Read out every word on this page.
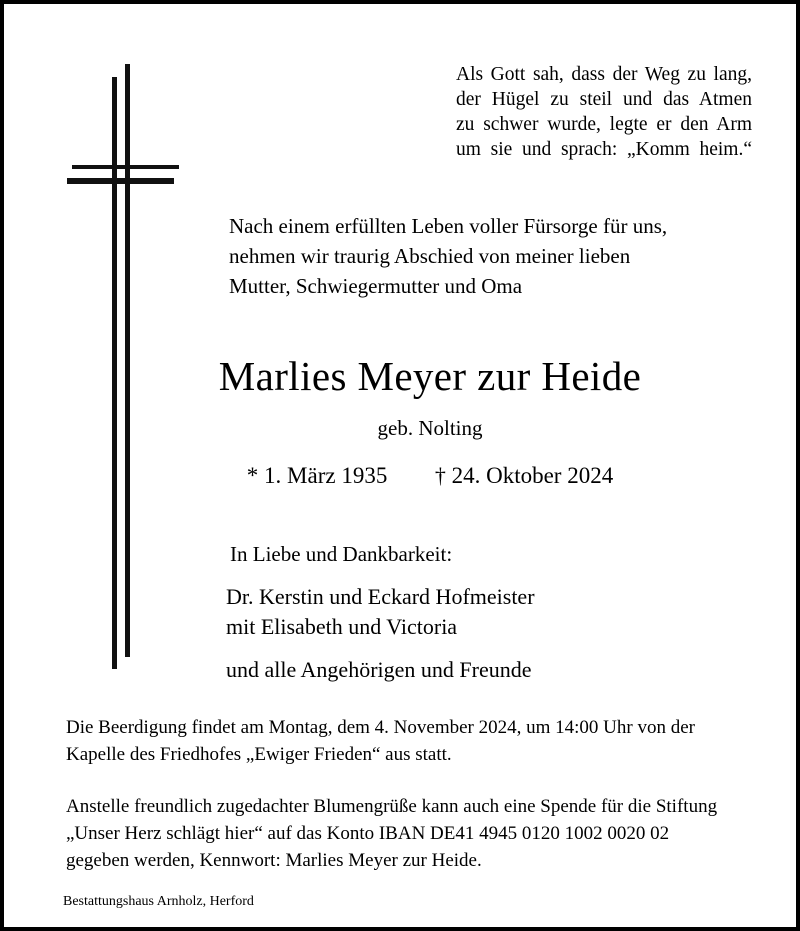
Als Gott sah, dass der Weg zu lang,
der Hügel zu steil und das Atmen
zu schwer wurde, legte er den Arm
um sie und sprach: „Komm heim.“
Nach einem erfüllten Leben voller Fürsorge für uns,
nehmen wir traurig Abschied von meiner lieben
Mutter, Schwiegermutter und Oma
Marlies Meyer zur Heide
geb. Nolting
* 1. März 1935 † 24. Oktober 2024
In Liebe und Dankbarkeit:
Dr. Kerstin und Eckard Hofmeister
mit Elisabeth und Victoria
und alle Angehörigen und Freunde
Die Beerdigung findet am Montag, dem 4. November 2024, um 14:00 Uhr von der
Kapelle des Friedhofes „Ewiger Frieden“ aus statt.
Anstelle freundlich zugedachter Blumengrüße kann auch eine Spende für die Stiftung
„Unser Herz schlägt hier“ auf das Konto IBAN DE41 4945 0120 1002 0020 02
gegeben werden, Kennwort: Marlies Meyer zur Heide.
Bestattungshaus Arnholz, Herford
